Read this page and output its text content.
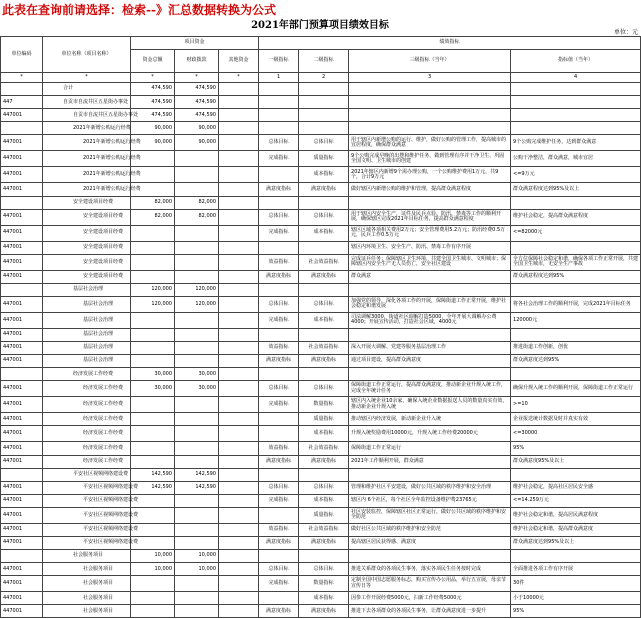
此表在查询前请选择：检索--》汇总数据转换为公式
2021年部门预算项目绩效目标
单位：元
单位编码	单位名称（项目名称）	项目资金			绩效指标			
		资金总额	财政拨款	其他资金	一级指标	二级指标	三级指标（当年）	指标值（当年）
*	*	*	*	*	1	2	3	4
	合计	474,590	474,590					
447	自贡市自流井区五星街办事处	474,590	474,590					
447001	自贡市自流井区五星街办事处	474,590	474,590					
	2021年新增公购运行经费	90,000	90,000					
447001	2021年新增公购运行经费	90,000	90,000		总体目标	总体目标	用于辖区内新增公购的运行、维护，做好公购的管理工作，提高城市的宜居程度，确保群众满意	9个公购完成维护任务，达到群众满意
447001	2021年新增公购运行经费				完成指标	质量指标	9个公购完成早晚的出摆和维护任务，做到管理有序并干净卫生，巩固全国文明、卫生城市的创建	公购干净整洁，群众满意，城市宜居
447001	2021年新增公购运行经费					成本指标	2021年辖区内新增9个需办理公购，一个公购维护费用1万元，共9个，合计9万元	<=9万元
447001	2021年新增公购运行经费				满意度指标	满意度指标	做好辖区内新增公购的维护和管理，提高群众满意程度	群众满意程度达到95%及以上
	安全建设项目经费	82,000	82,000					
447001	安全建设项目经费	82,000	82,000		总体目标	总体目标	用于辖区内安全生产，证件及民兵点验、防汛、禁毒等工作的顺利开展，确保辖区完成2021年目标任务，提高群众满意程度	维护社会稳定，提高群众满意程度
447001	安全建设项目经费				完成指标	成本指标	辖区区域各项相关费用2万元；安全管理费用5.2万元；防汛经费0.5万元，民兵工作0.5万元	<=82000元
447001	安全建设项目经费						辖区内环境卫生、安全生产、防汛、禁毒工作有序开展	
447001	安全建设项目经费				效益指标	社会效益指标	完成证兵任务；保障辖区卫生环境，共建全国卫生城市、文明城市；保障辖区内安全生产无人员伤亡，安全社区建设	全方位保障社会稳定和谐，确保各项工作正常开展，共建全国卫生城市，无安全生产事故
447001	安全建设项目经费				满意度指标	满意度指标	群众满意	群众满意程度达到95%
	基层社会治理	120,000	120,000					
447001	基层社会治理	120,000	120,000		总体目标	总体目标	加强党的领导，深化各项工作的开展，保障街道工作正常开展，维护社会稳定和谐发展	将各社会治理工作的顺利开展，完成2021年目标任务
447001	基层社会治理				完成指标	成本指标	司法调解3000，街道社区调解打造5000，全年开展大调解办公费4000；开展宣传活动，打造社会区域，4000元	120000元
447001	基层社会治理							
447001	基层社会治理				效益指标	社会效益指标	深入开展大调解、党建等服务基层治理工作	推进街道工作创新，创优
447001	基层社会治理				满意度指标	满意度指标	通过项目建设，提高群众满意度	群众满意度达到95%
	经济发展工作经费	30,000	30,000					
447001	经济发展工作经费	30,000	30,000		总体目标	总体目标	保障街道工作正常运行，提高群众满意度，推动新企业升规入统工作，完成全年统计任务	确保升规入统工作的顺利开展，保障街道工作正常运行
447001	经济发展工作经费				完成指标	数量指标	辖区内入统企业10余家，确保入统企业数据报送人员的数量真实有效，推动新企业升规入统	>=10
447001	经济发展工作经费					质量指标	推动辖区内经济发展，新动新企业升入统	企业报送统计数据及时并真实有效
447001	经济发展工作经费					成本指标	升规入统奖励费用10000元，升规入统工作经费20000元	<=30000
447001	经济发展工作经费				效益指标	社会效益指标	保障街道工作正常运行	95%
447001	经济发展工作经费				满意度指标	满意度指标	2021年工作顺利开展，群众满意	群众满意度95%及以上
	平安社区视频网络建设费	142,590	142,590					
447001	平安社区视频网络建设费	142,590	142,590		总体目标	总体目标	管理和维护社区平安建设，做好公共区域的秩序维护和安全治理	维护社会稳定，提高社区居民安全感
447001	平安社区视频网络建设费				完成指标	成本指标	辖区内 6个社区，每个社区全年监控设备维护费23765元	<=14.259万元
447001	平安社区视频网络建设费					质量指标	社区安装监控，保障辖区社区正常运行，做好公共区域的秩序维护和安全防范	维护社会稳定和谐，提高居民满意程度
447001	平安社区视频网络建设费				效益指标	社会效益指标	做好社区公共区域的秩序维护和安全防范	维护社会稳定和谐，提高群众满意度
447001	平安社区视频网络建设费				满意度指标	满意度指标	提高辖区居民获得感、满意度	群众满意度达到95%及以上
	社会服务项目	10,000	10,000					
447001	社会服务项目	10,000	10,000		总体目标	总体目标	推进关系群众的各项民生事务，落实各项民生任务按时完成	全面推进各项工作有序开展
447001	社会服务项目				完成指标	数量指标	定制全国中国志愿服务标志，购买宣传办公用品，举行五宣展，母亲节宣传日等	30件
447001	社会服务项目					成本指标	因参工作开展经费5000元，扫新工作经费5000元	小于10000元
447001	社会服务项目				满意度指标	满意度指标	推进下去各项群众的各项民生事务，让群众满意度进一步提升	95%
